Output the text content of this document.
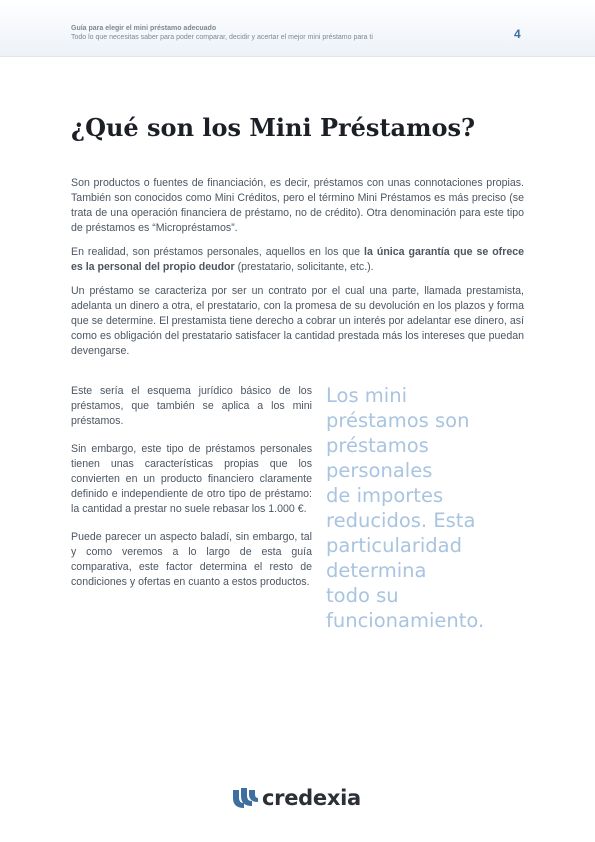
Guía para elegir el mini préstamo adecuado
Todo lo que necesitas saber para poder comparar, decidir y acertar el mejor mini préstamo para ti	4
¿Qué son los Mini Préstamos?

Son productos o fuentes de financiación, es decir, préstamos con unas connotaciones propias. También son conocidos como Mini Créditos, pero el término Mini Préstamos es más preciso (se trata de una operación financiera de préstamo, no de crédito). Otra denominación para este tipo de préstamos es “Micropréstamos”.

En realidad, son préstamos personales, aquellos en los que la única garantía que se ofrece es la personal del propio deudor (prestatario, solicitante, etc.).

Un préstamo se caracteriza por ser un contrato por el cual una parte, llamada prestamista, adelanta un dinero a otra, el prestatario, con la promesa de su devolución en los plazos y forma que se determine. El prestamista tiene derecho a cobrar un interés por adelantar ese dinero, así como es obligación del prestatario satisfacer la cantidad prestada más los intereses que puedan devengarse.

Este sería el esquema jurídico básico de los préstamos, que también se aplica a los mini préstamos.

Sin embargo, este tipo de préstamos personales tienen unas características propias que los convierten en un producto financiero claramente definido e independiente de otro tipo de préstamo: la cantidad a prestar no suele rebasar los 1.000 €.

Puede parecer un aspecto baladí, sin embargo, tal y como veremos a lo largo de esta guía comparativa, este factor determina el resto de condiciones y ofertas en cuanto a estos productos.

Los mini
préstamos son
préstamos
personales
de importes
reducidos. Esta
particularidad
determina
todo su
funcionamiento.
credexia
